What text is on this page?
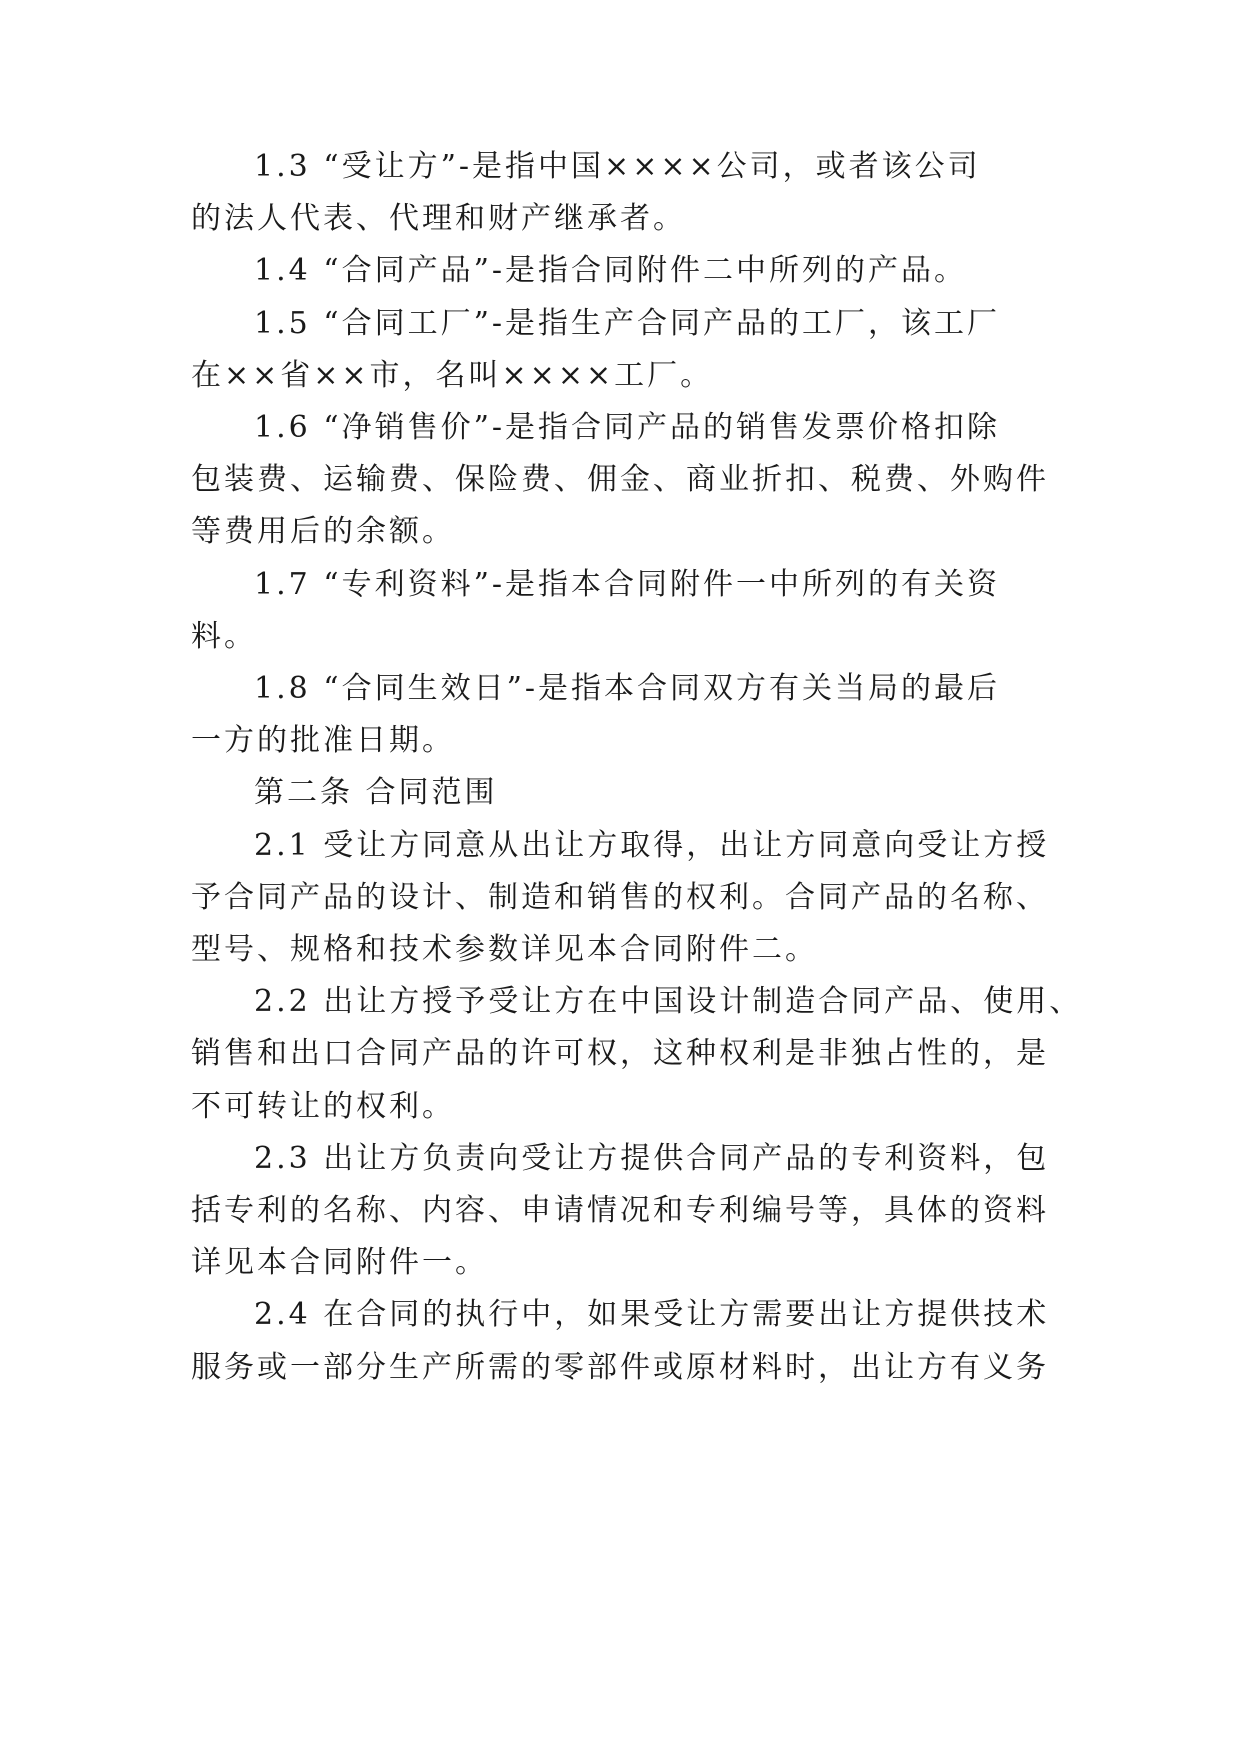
1.3 “受让方”-是指中国××××公司，或者该公司
的法人代表、代理和财产继承者。
1.4 “合同产品”-是指合同附件二中所列的产品。
1.5 “合同工厂”-是指生产合同产品的工厂，该工厂
在××省××市，名叫××××工厂。
1.6 “净销售价”-是指合同产品的销售发票价格扣除
包装费、运输费、保险费、佣金、商业折扣、税费、外购件
等费用后的余额。
1.7 “专利资料”-是指本合同附件一中所列的有关资
料。
1.8 “合同生效日”-是指本合同双方有关当局的最后
一方的批准日期。
第二条 合同范围
2.1 受让方同意从出让方取得，出让方同意向受让方授
予合同产品的设计、制造和销售的权利。合同产品的名称、
型号、规格和技术参数详见本合同附件二。
2.2 出让方授予受让方在中国设计制造合同产品、使用、
销售和出口合同产品的许可权，这种权利是非独占性的，是
不可转让的权利。
2.3 出让方负责向受让方提供合同产品的专利资料，包
括专利的名称、内容、申请情况和专利编号等，具体的资料
详见本合同附件一。
2.4 在合同的执行中，如果受让方需要出让方提供技术
服务或一部分生产所需的零部件或原材料时，出让方有义务
